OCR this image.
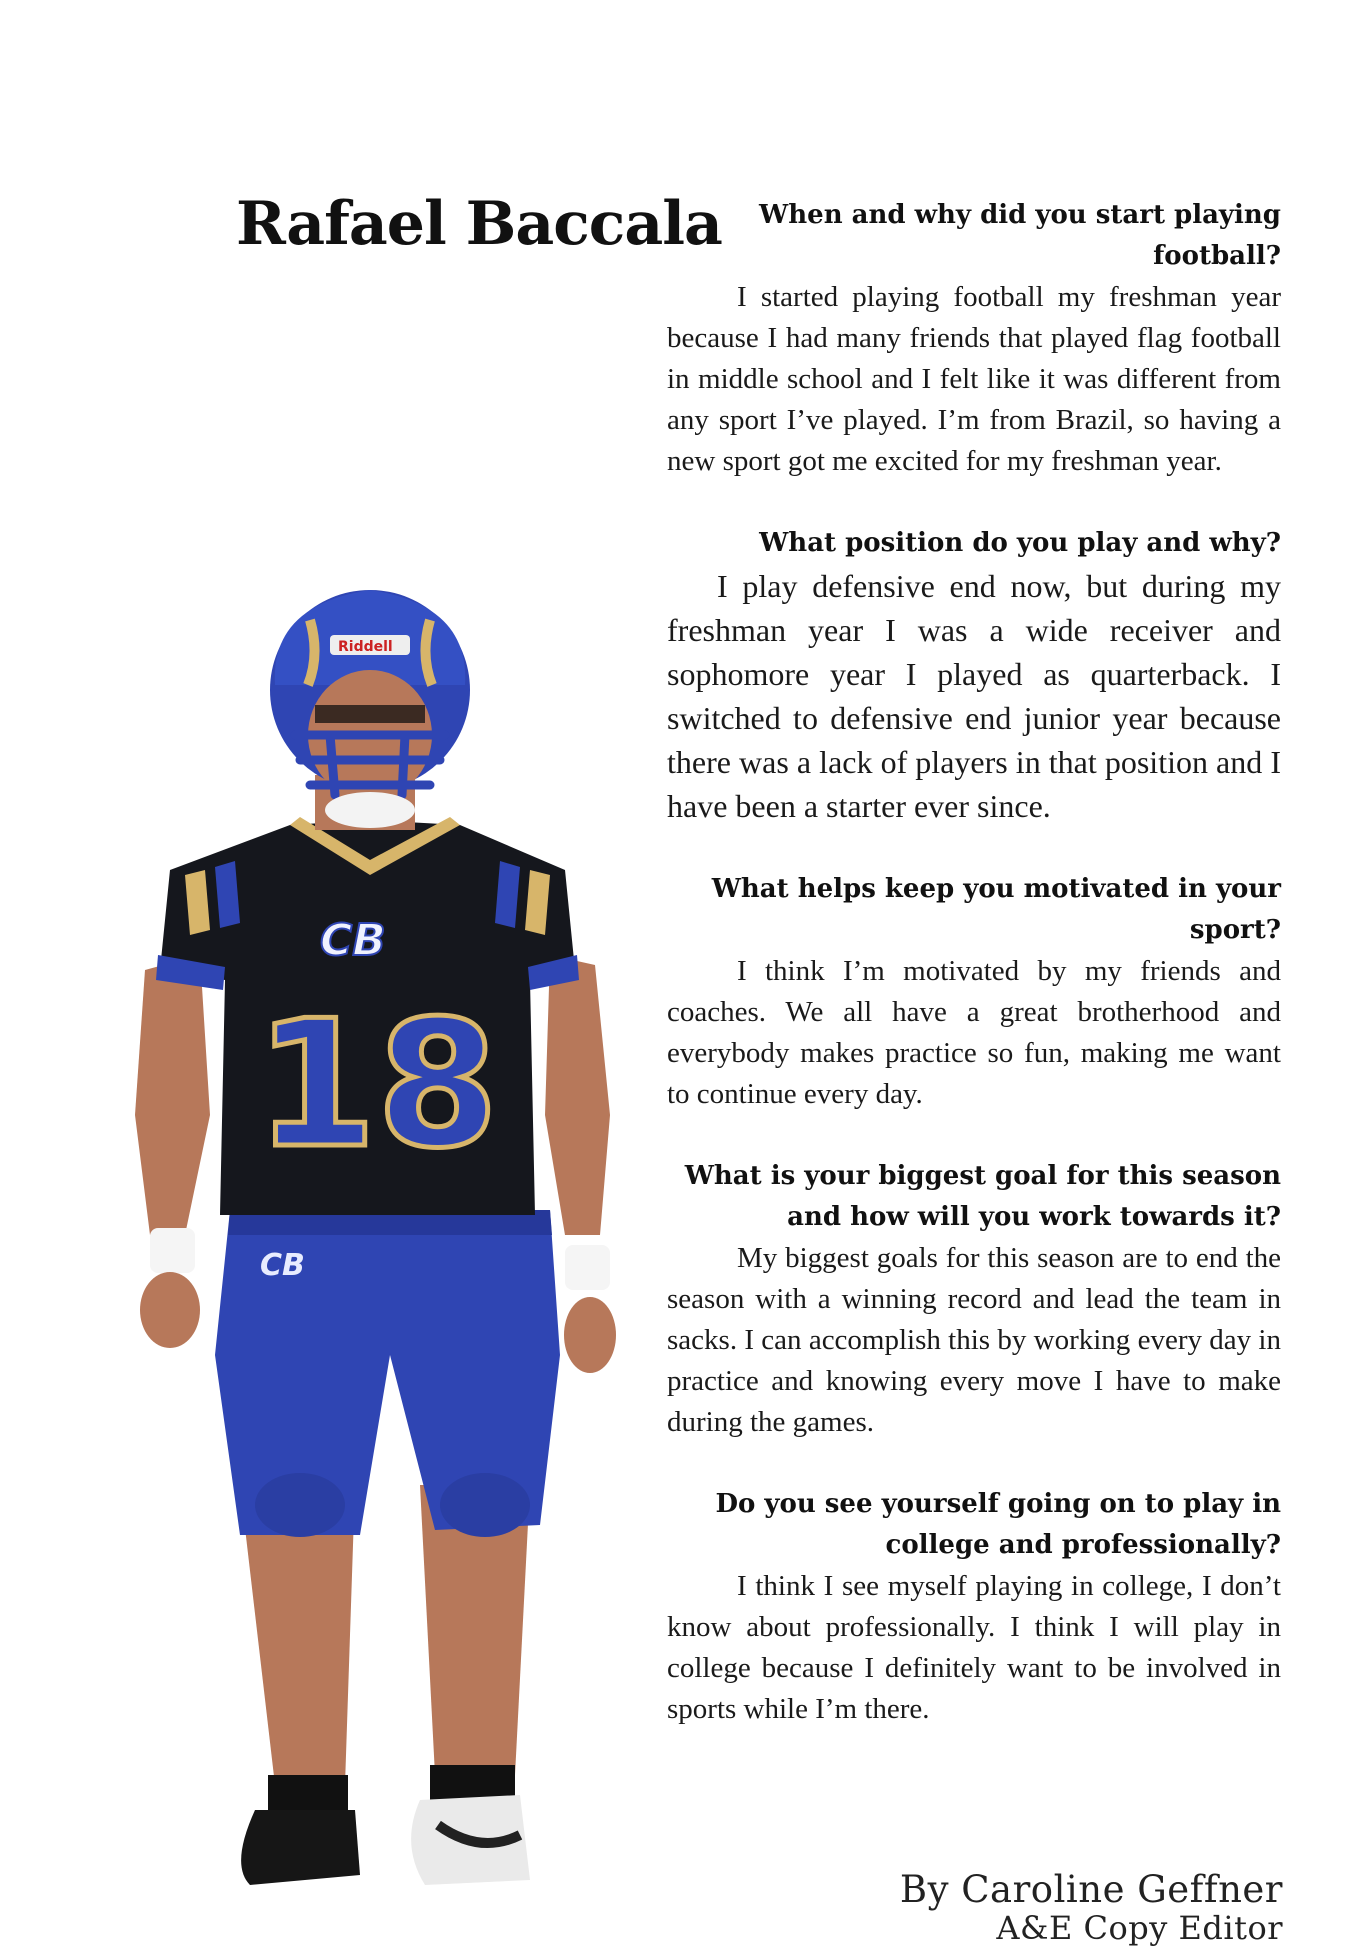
Rafael Baccala
CB
CB
18
Riddell

When and why did you start playing football?

I started playing football my freshman year because I had many friends that played flag football in middle school and I felt like it was different from any sport I’ve played. I’m from Brazil, so having a new sport got me excited for my freshman year.

What position do you play and why?

I play defensive end now, but during my freshman year I was a wide receiver and sophomore year I played as quarterback. I switched to defensive end junior year because there was a lack of players in that position and I have been a starter ever since.

What helps keep you motivated in your sport?

I think I’m motivated by my friends and coaches. We all have a great brotherhood and everybody makes practice so fun, making me want to continue every day.

What is your biggest goal for this season and how will you work towards it?

My biggest goals for this season are to end the season with a winning record and lead the team in sacks. I can accomplish this by working every day in practice and knowing every move I have to make during the games.

Do you see yourself going on to play in college and professionally?

I think I see myself playing in college, I don’t know about professionally. I think I will play in college because I definitely want to be involved in sports while I’m there.

By Caroline Geffner
A&E Copy Editor
